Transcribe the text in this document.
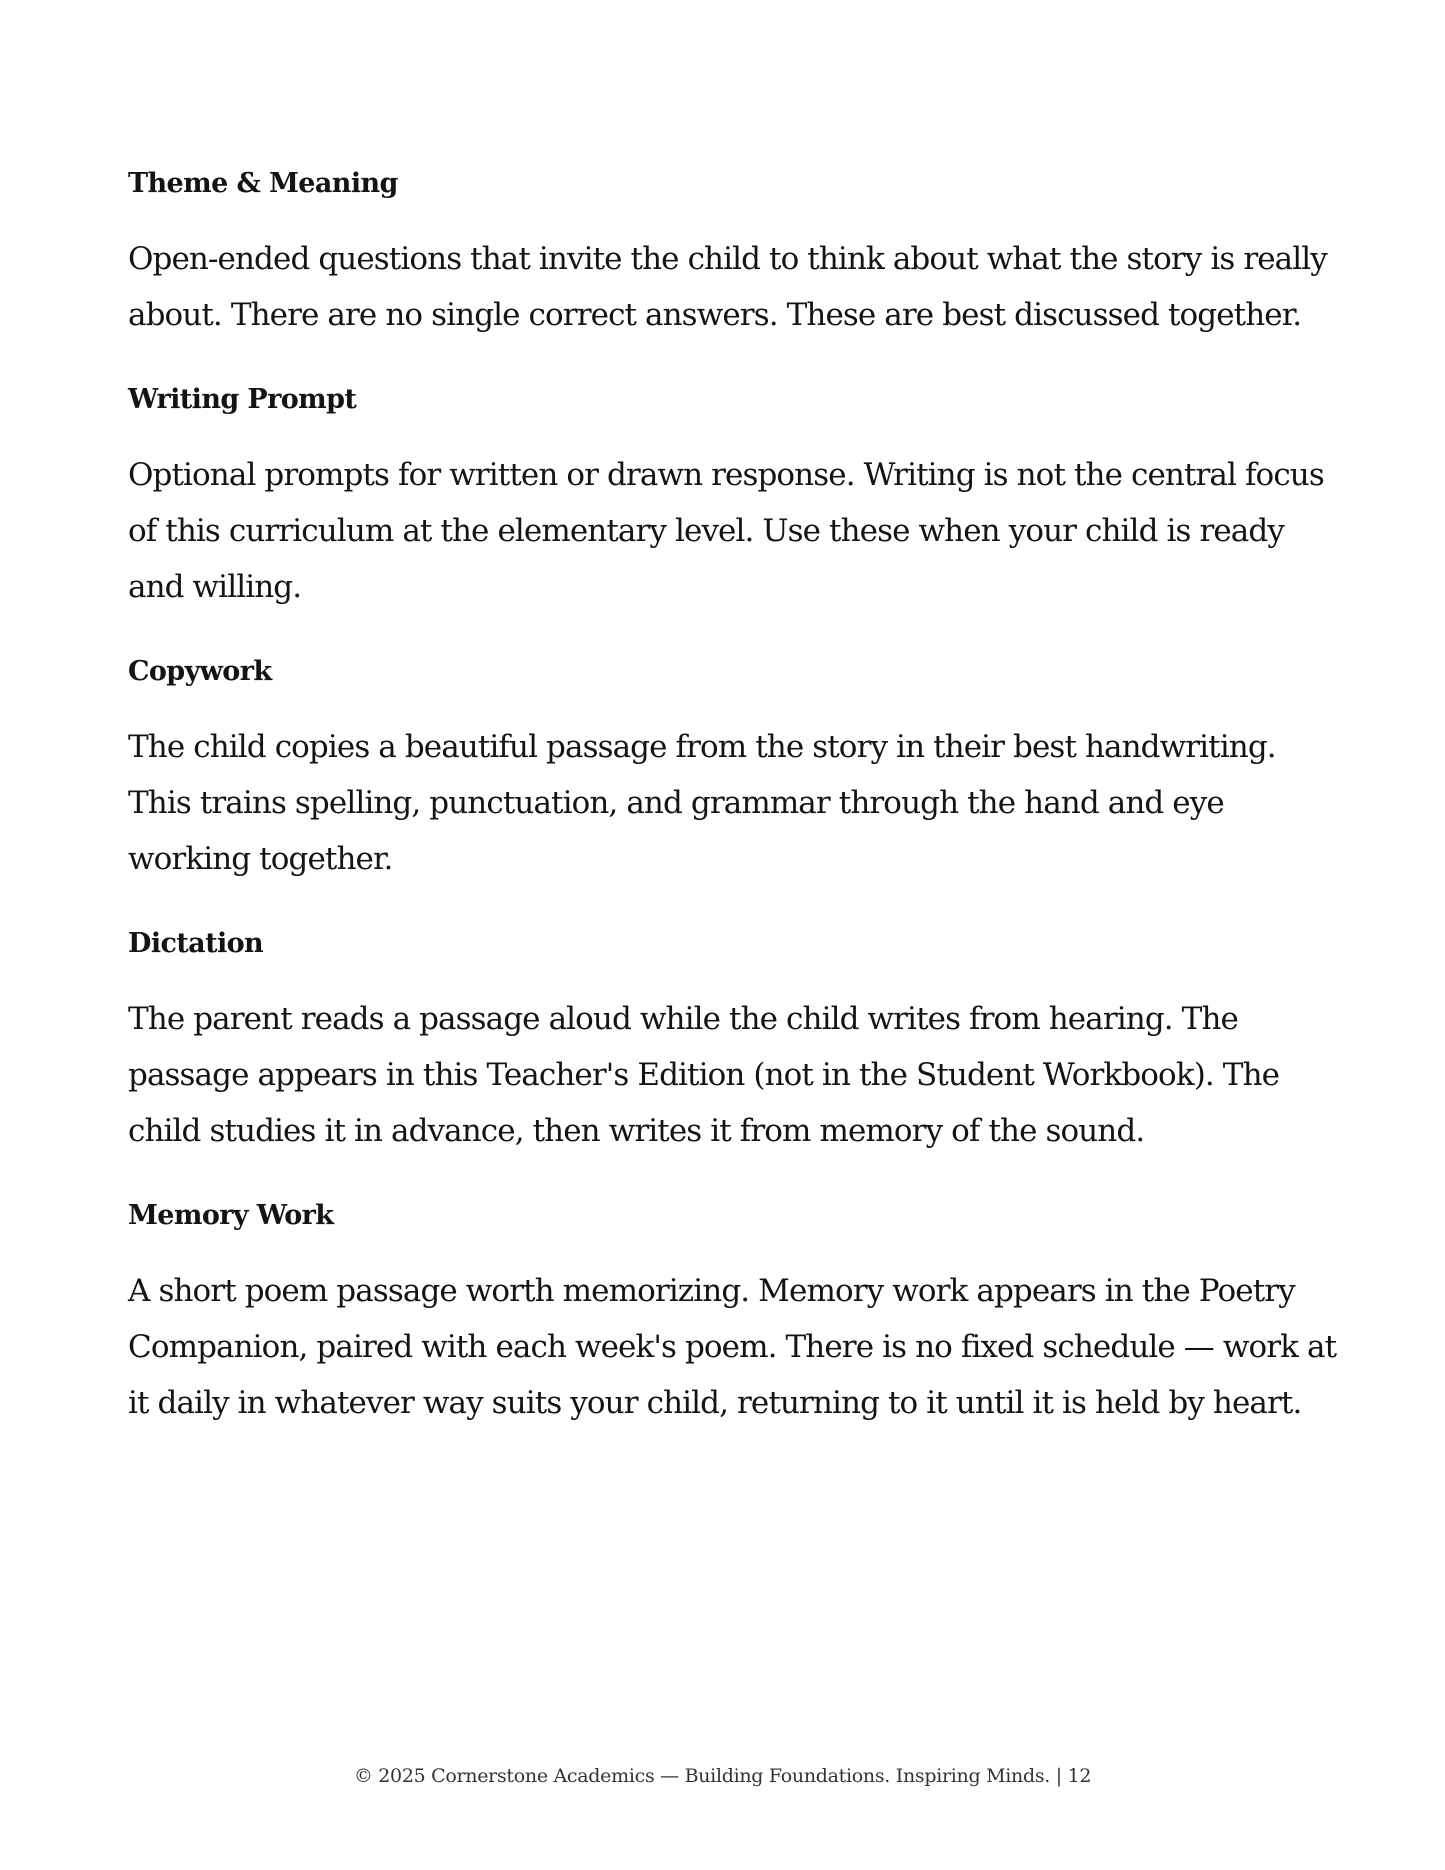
Theme & Meaning

Open-ended questions that invite the child to think about what the story is really about. There are no single correct answers. These are best discussed together.

Writing Prompt

Optional prompts for written or drawn response. Writing is not the central focus of this curriculum at the elementary level. Use these when your child is ready and willing.

Copywork

The child copies a beautiful passage from the story in their best handwriting. This trains spelling, punctuation, and grammar through the hand and eye working together.

Dictation

The parent reads a passage aloud while the child writes from hearing. The passage appears in this Teacher's Edition (not in the Student Workbook). The child studies it in advance, then writes it from memory of the sound.

Memory Work

A short poem passage worth memorizing. Memory work appears in the Poetry Companion, paired with each week's poem. There is no fixed schedule — work at it daily in whatever way suits your child, returning to it until it is held by heart.

© 2025 Cornerstone Academics — Building Foundations. Inspiring Minds. | 12
